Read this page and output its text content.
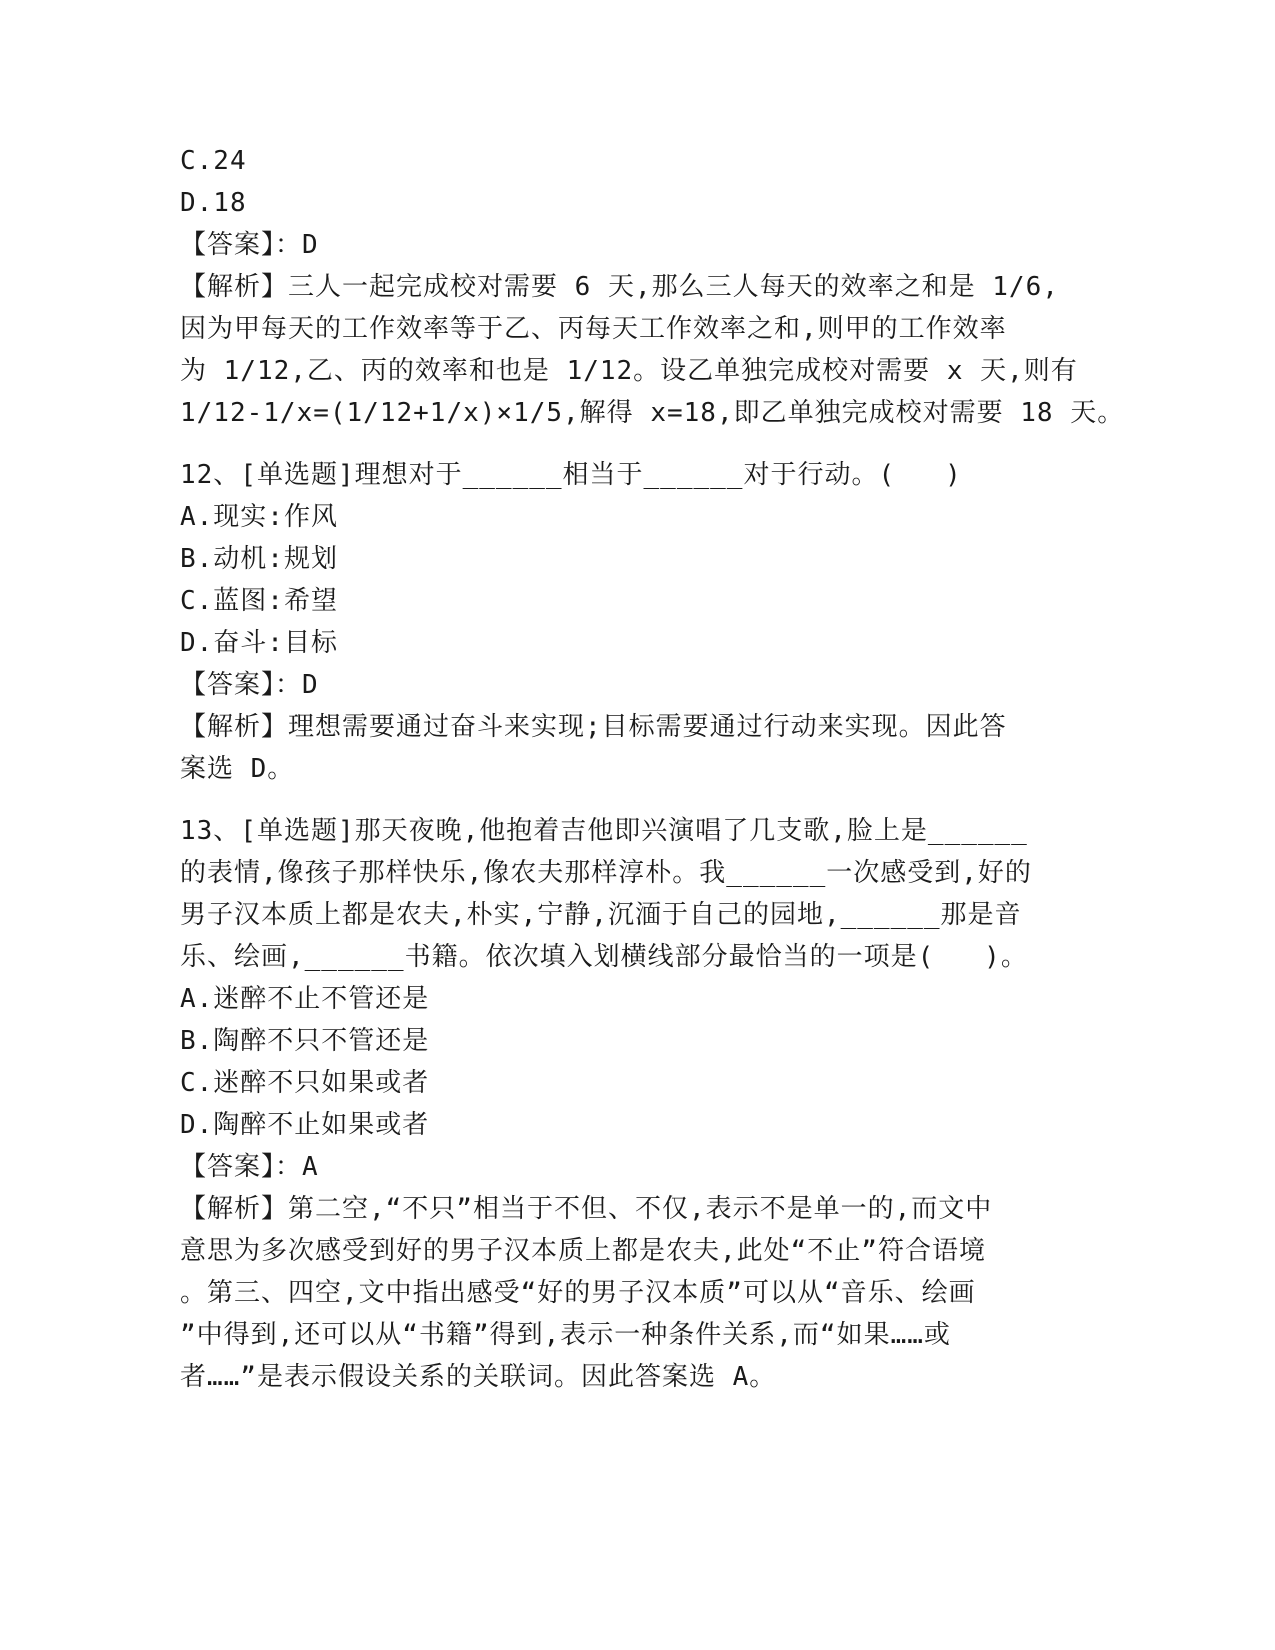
C.24
D.18
【答案】：D
【解析】三人一起完成校对需要 6 天,那么三人每天的效率之和是 1/6,
因为甲每天的工作效率等于乙、丙每天工作效率之和,则甲的工作效率
为 1/12,乙、丙的效率和也是 1/12。设乙单独完成校对需要 x 天,则有
1/12-1/x=(1/12+1/x)×1/5,解得 x=18,即乙单独完成校对需要 18 天。
12、[单选题]理想对于______相当于______对于行动。(   )
A.现实:作风
B.动机:规划
C.蓝图:希望
D.奋斗:目标
【答案】：D
【解析】理想需要通过奋斗来实现;目标需要通过行动来实现。因此答
案选 D。
13、[单选题]那天夜晚,他抱着吉他即兴演唱了几支歌,脸上是______
的表情,像孩子那样快乐,像农夫那样淳朴。我______一次感受到,好的
男子汉本质上都是农夫,朴实,宁静,沉湎于自己的园地,______那是音
乐、绘画,______书籍。依次填入划横线部分最恰当的一项是(   )。
A.迷醉不止不管还是
B.陶醉不只不管还是
C.迷醉不只如果或者
D.陶醉不止如果或者
【答案】：A
【解析】第二空,“不只”相当于不但、不仅,表示不是单一的,而文中
意思为多次感受到好的男子汉本质上都是农夫,此处“不止”符合语境
。第三、四空,文中指出感受“好的男子汉本质”可以从“音乐、绘画
”中得到,还可以从“书籍”得到,表示一种条件关系,而“如果……或
者……”是表示假设关系的关联词。因此答案选 A。
